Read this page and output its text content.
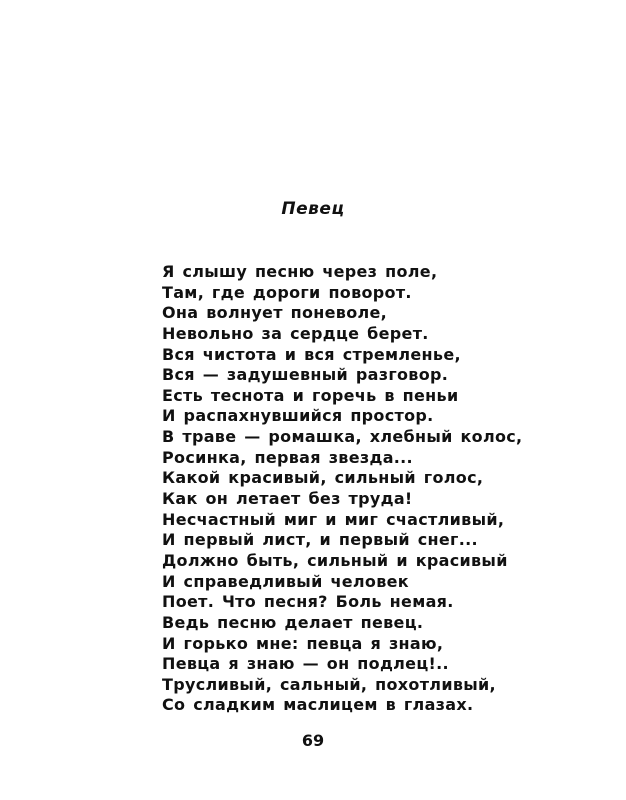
Певец
Я слышу песню через поле,
Там, где дороги поворот.
Она волнует поневоле,
Невольно за сердце берет.
Вся чистота и вся стремленье,
Вся — задушевный разговор.
Есть теснота и горечь в пеньи
И распахнувшийся простор.
В траве — ромашка, хлебный колос,
Росинка, первая звезда...
Какой красивый, сильный голос,
Как он летает без труда!
Несчастный миг и миг счастливый,
И первый лист, и первый снег...
Должно быть, сильный и красивый
И справедливый человек
Поет. Что песня? Боль немая.
Ведь песню делает певец.
И горько мне: певца я знаю,
Певца я знаю — он подлец!..
Трусливый, сальный, похотливый,
Со сладким маслицем в глазах.

69
